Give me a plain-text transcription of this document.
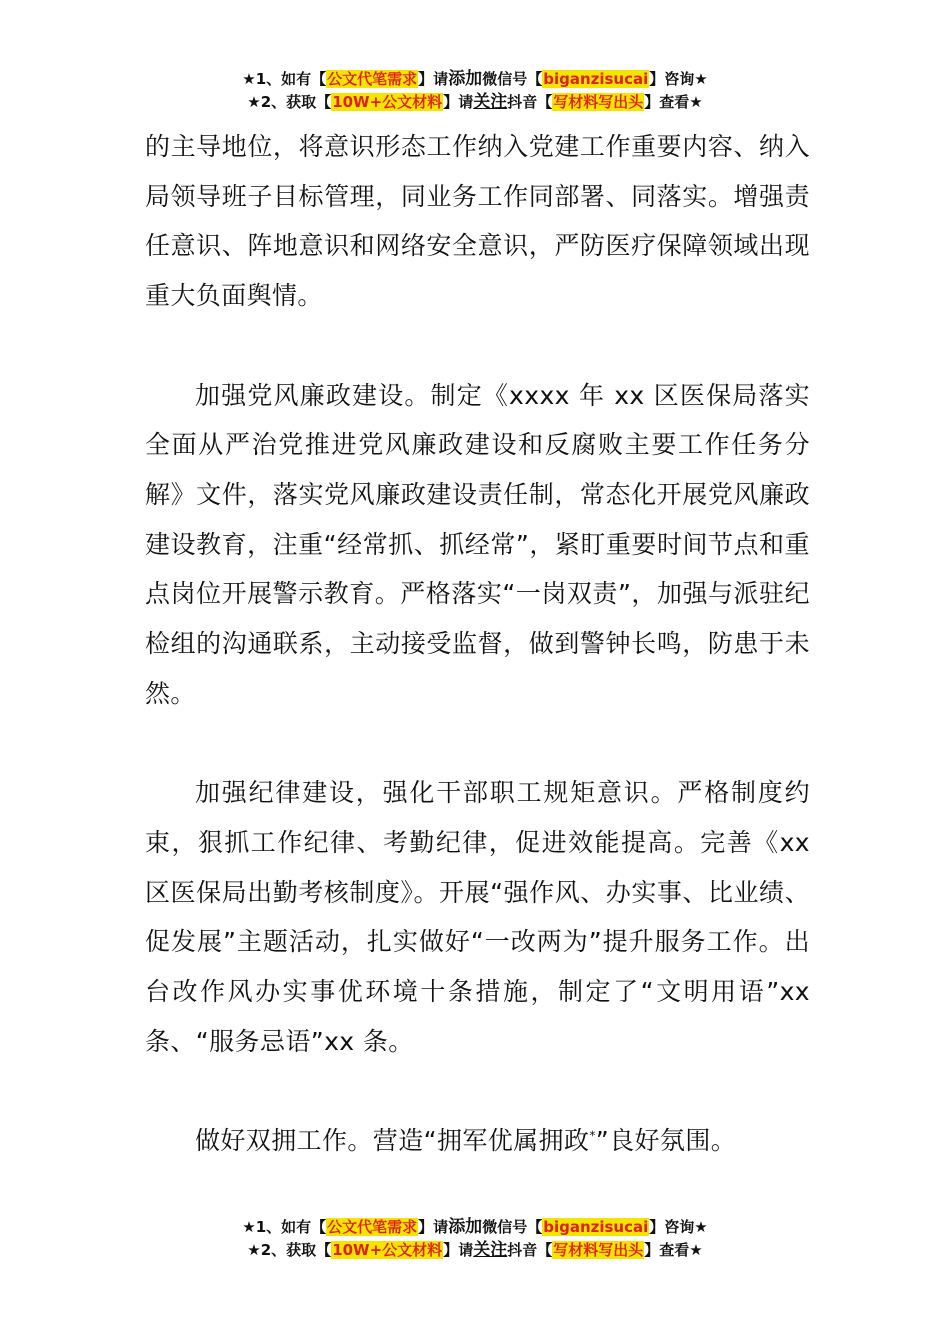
★1、如有【公文代笔需求】请添加微信号【biganzisucai】咨询★
★2、获取【10W+公文材料】请关注抖音【写材料写出头】查看★

的主导地位，将意识形态工作纳入党建工作重要内容、纳入局领导班子目标管理，同业务工作同部署、同落实。增强责任意识、阵地意识和网络安全意识，严防医疗保障领域出现重大负面舆情。

加强党风廉政建设。制定《xxxx 年 xx 区医保局落实全面从严治党推进党风廉政建设和反腐败主要工作任务分解》文件，落实党风廉政建设责任制，常态化开展党风廉政建设教育，注重“经常抓、抓经常”，紧盯重要时间节点和重点岗位开展警示教育。严格落实“一岗双责”，加强与派驻纪检组的沟通联系，主动接受监督，做到警钟长鸣，防患于未然。

加强纪律建设，强化干部职工规矩意识。严格制度约束，狠抓工作纪律、考勤纪律，促进效能提高。完善《xx 区医保局出勤考核制度》。开展“强作风、办实事、比业绩、促发展”主题活动，扎实做好“一改两为”提升服务工作。出台改作风办实事优环境十条措施，制定了“文明用语”xx 条、“服务忌语”xx 条。

做好双拥工作。营造“拥军优属拥政*”良好氛围。

★1、如有【公文代笔需求】请添加微信号【biganzisucai】咨询★
★2、获取【10W+公文材料】请关注抖音【写材料写出头】查看★
